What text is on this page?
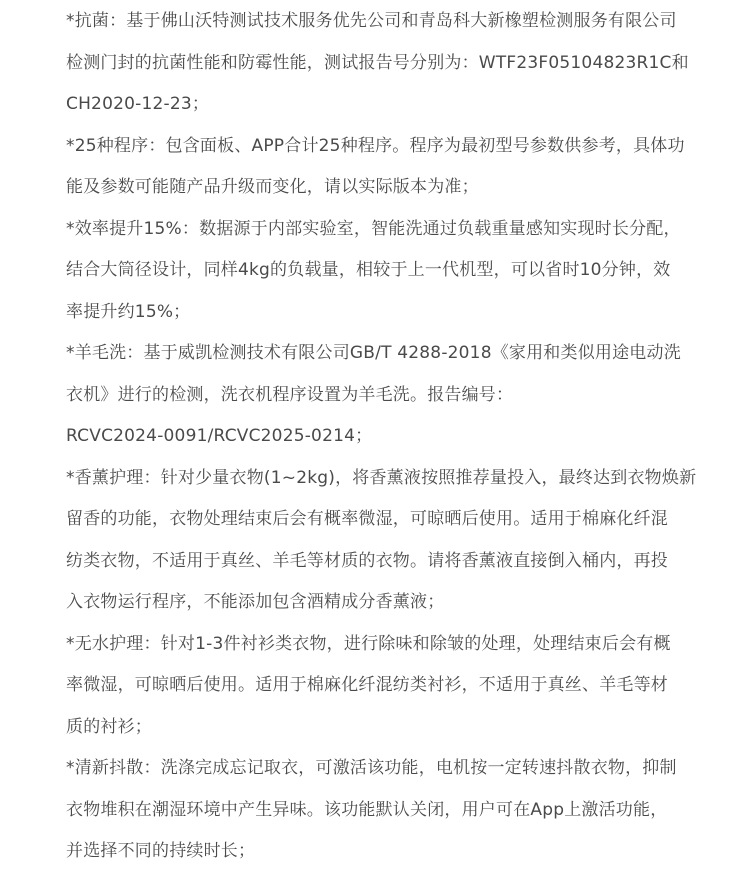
*抗菌：基于佛山沃特测试技术服务优先公司和青岛科大新橡塑检测服务有限公司
检测门封的抗菌性能和防霉性能，测试报告号分别为：WTF23F05104823R1C和
CH2020-12-23；
*25种程序：包含面板、APP合计25种程序。程序为最初型号参数供参考，具体功
能及参数可能随产品升级而变化，请以实际版本为准；
*效率提升15%：数据源于内部实验室，智能洗通过负载重量感知实现时长分配，
结合大筒径设计，同样4kg的负载量，相较于上一代机型，可以省时10分钟，效
率提升约15%；
*羊毛洗：基于威凯检测技术有限公司GB/T 4288-2018《家用和类似用途电动洗
衣机》进行的检测，洗衣机程序设置为羊毛洗。报告编号：
RCVC2024-0091/RCVC2025-0214；
*香薰护理：针对少量衣物(1~2kg)，将香薰液按照推荐量投入，最终达到衣物焕新
留香的功能，衣物处理结束后会有概率微湿，可晾晒后使用。适用于棉麻化纤混
纺类衣物，不适用于真丝、羊毛等材质的衣物。请将香薰液直接倒入桶内，再投
入衣物运行程序，不能添加包含酒精成分香薰液；
*无水护理：针对1-3件衬衫类衣物，进行除味和除皱的处理，处理结束后会有概
率微湿，可晾晒后使用。适用于棉麻化纤混纺类衬衫，不适用于真丝、羊毛等材
质的衬衫；
*清新抖散：洗涤完成忘记取衣，可激活该功能，电机按一定转速抖散衣物，抑制
衣物堆积在潮湿环境中产生异味。该功能默认关闭，用户可在App上激活功能，
并选择不同的持续时长；
